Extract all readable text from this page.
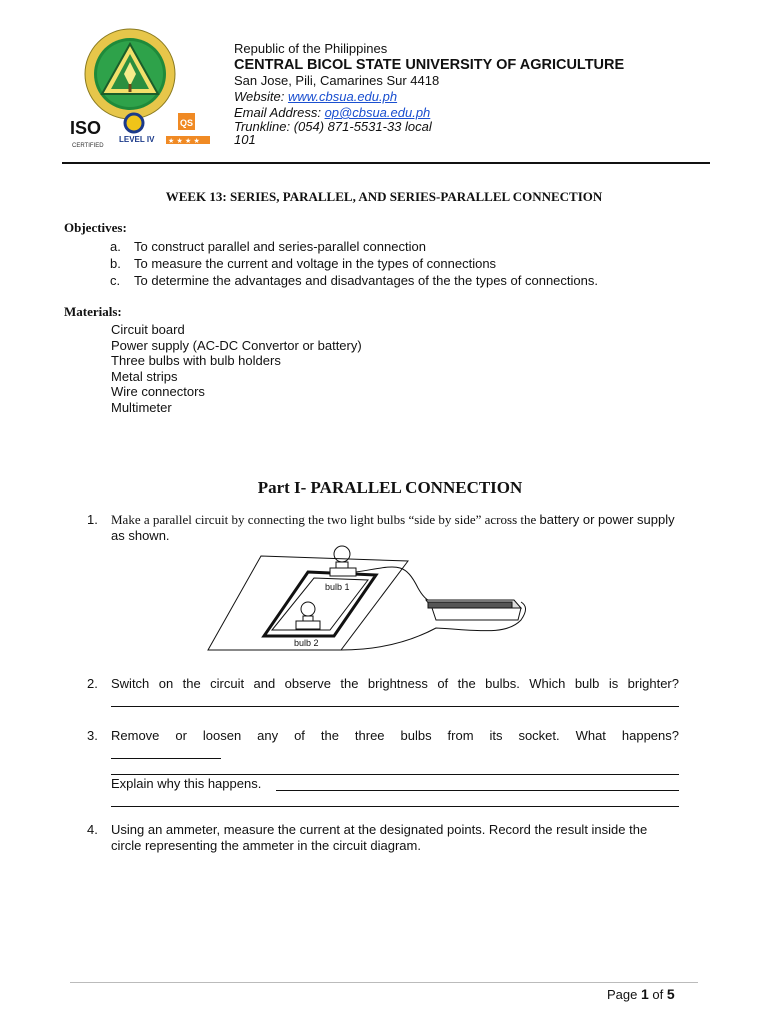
ISO
CERTIFIED
LEVEL IV
QS
★ ★ ★ ★
Republic of the Philippines
CENTRAL BICOL STATE UNIVERSITY OF AGRICULTURE
San Jose, Pili, Camarines Sur 4418
Website: www.cbsua.edu.ph
Email Address: op@cbsua.edu.ph
Trunkline: (054) 871-5531-33 local
101
WEEK 13: SERIES, PARALLEL, AND SERIES-PARALLEL CONNECTION
Objectives:
a. To construct parallel and series-parallel connection
b. To measure the current and voltage in the types of connections
c. To determine the advantages and disadvantages of the the types of connections.
Materials:
Circuit board
Power supply (AC-DC Convertor or battery)
Three bulbs with bulb holders
Metal strips
Wire connectors
Multimeter
Part I- PARALLEL CONNECTION
1. Make a parallel circuit by connecting the two light bulbs “side by side” across the battery or power supply as shown.
bulb 1
bulb 2
2. Switch on the circuit and observe the brightness of the bulbs. Which bulb is brighter?
3. Remove or loosen any of the three bulbs from its socket. What happens?
Explain why this happens.
4. Using an ammeter, measure the current at the designated points. Record the result inside the circle representing the ammeter in the circuit diagram.
Page 1 of 5
